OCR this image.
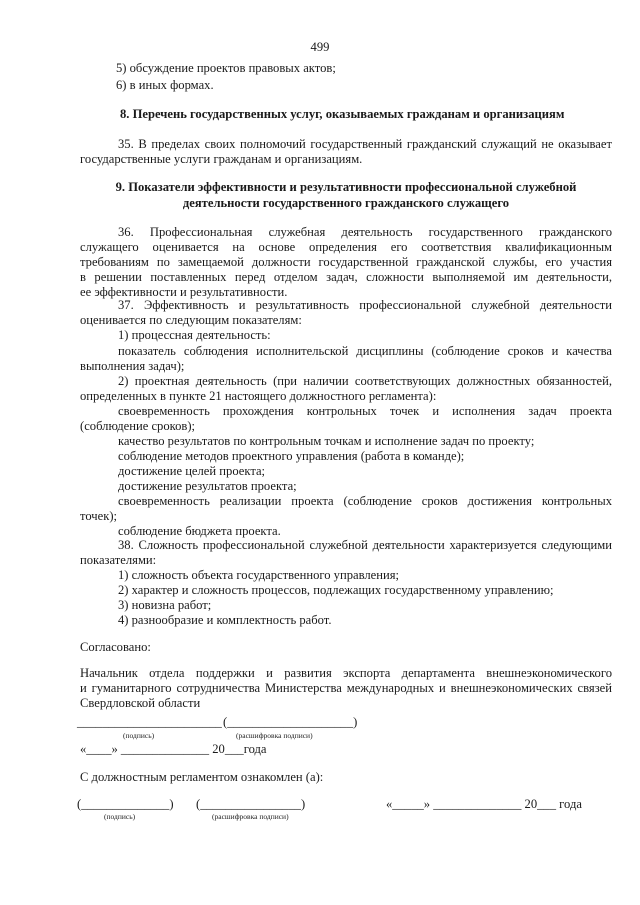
499
5) обсуждение проектов правовых актов;
6) в иных формах.
8. Перечень государственных услуг, оказываемых гражданам и организациям
35. В пределах своих полномочий государственный гражданский служащий не оказывает
государственные услуги гражданам и организациям.
9. Показатели эффективности и результативности профессиональной служебной
деятельности государственного гражданского служащего
36. Профессиональная служебная деятельность государственного гражданского
служащего оценивается на основе определения его соответствия квалификационным
требованиям по замещаемой должности государственной гражданской службы, его участия
в решении поставленных перед отделом задач, сложности выполняемой им деятельности,
ее эффективности и результативности.
37. Эффективность и результативность профессиональной служебной деятельности
оценивается по следующим показателям:
1) процессная деятельность:
показатель соблюдения исполнительской дисциплины (соблюдение сроков и качества
выполнения задач);
2) проектная деятельность (при наличии соответствующих должностных обязанностей,
определенных в пункте 21 настоящего должностного регламента):
своевременность прохождения контрольных точек и исполнения задач проекта
(соблюдение сроков);
качество результатов по контрольным точкам и исполнение задач по проекту;
соблюдение методов проектного управления (работа в команде);
достижение целей проекта;
достижение результатов проекта;
своевременность реализации проекта (соблюдение сроков достижения контрольных
точек);
соблюдение бюджета проекта.
38. Сложность профессиональной служебной деятельности характеризуется следующими
показателями:
1) сложность объекта государственного управления;
2) характер и сложность процессов, подлежащих государственному управлению;
3) новизна работ;
4) разнообразие и комплектность работ.
Согласовано:
Начальник отдела поддержки и развития экспорта департамента внешнеэкономического
и гуманитарного сотрудничества Министерства международных и внешнеэкономических связей
Свердловской области
_______________________ (____________________)
(подпись)	(расшифровка подписи)
«____» ______________ 20___года
С должностным регламентом ознакомлен (а):
(______________) (________________)	«_____» ______________ 20___ года
(подпись)	(расшифровка подписи)
